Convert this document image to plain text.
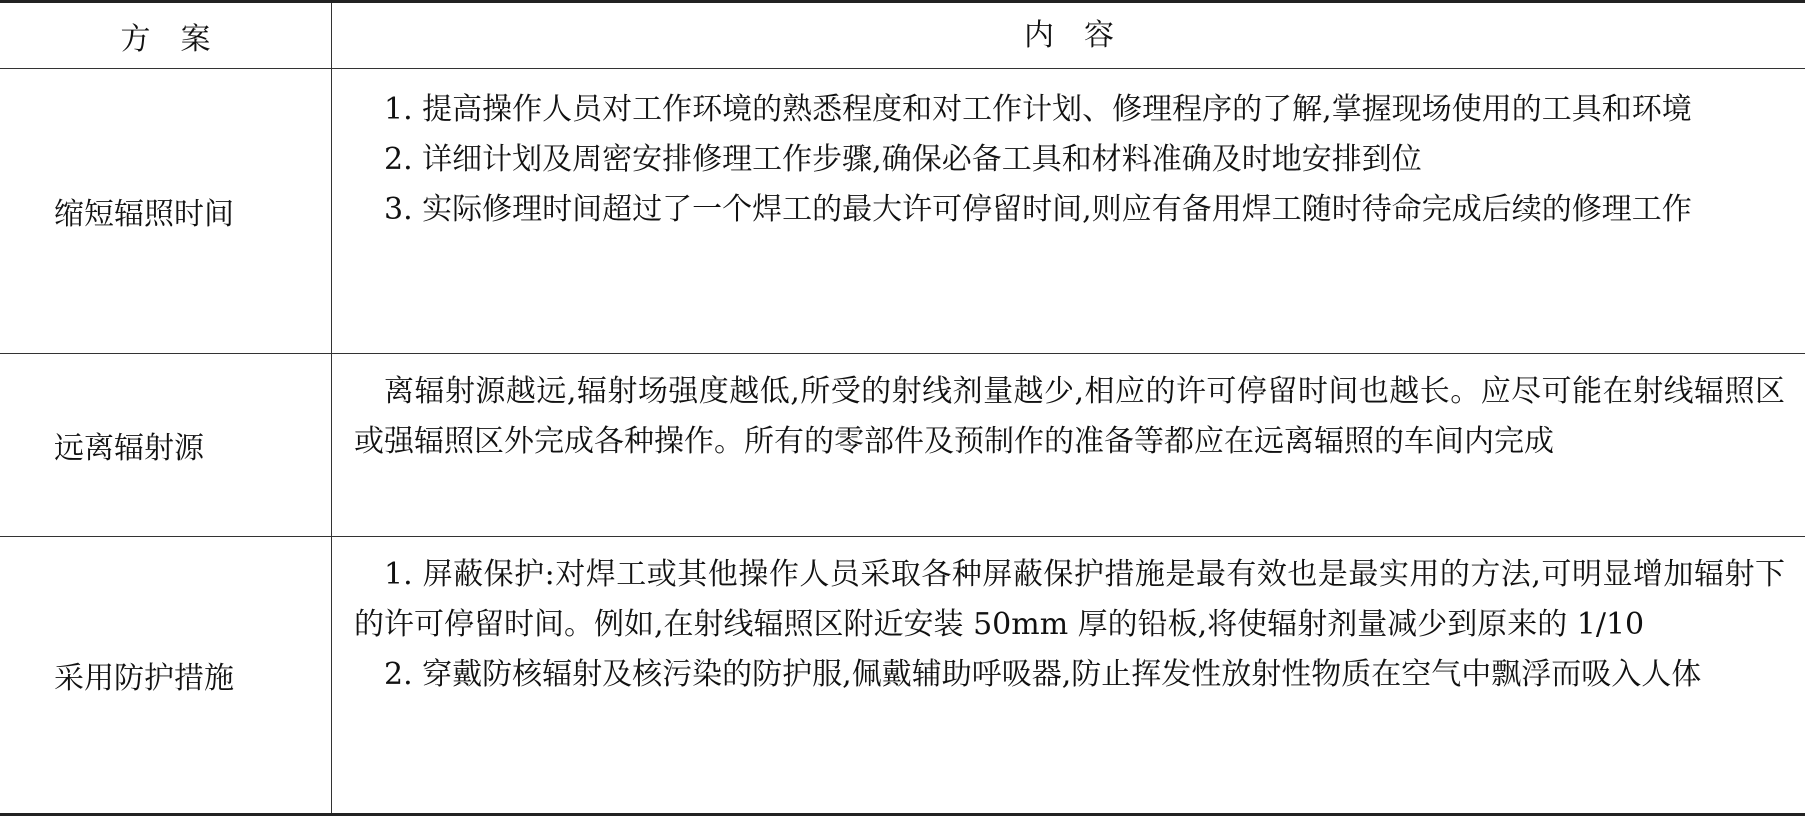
方　案	内　容
缩短辐照时间

1. 提高操作人员对工作环境的熟悉程度和对工作计划、修理程序的了解,掌握现场使用的工具和环境

2. 详细计划及周密安排修理工作步骤,确保必备工具和材料准确及时地安排到位

3. 实际修理时间超过了一个焊工的最大许可停留时间,则应有备用焊工随时待命完成后续的修理工作

远离辐射源

离辐射源越远,辐射场强度越低,所受的射线剂量越少,相应的许可停留时间也越长。应尽可能在射线辐照区或强辐照区外完成各种操作。所有的零部件及预制作的准备等都应在远离辐照的车间内完成

采用防护措施

1. 屏蔽保护:对焊工或其他操作人员采取各种屏蔽保护措施是最有效也是最实用的方法,可明显增加辐射下的许可停留时间。例如,在射线辐照区附近安装 50mm 厚的铅板,将使辐射剂量减少到原来的 1/10

2. 穿戴防核辐射及核污染的防护服,佩戴辅助呼吸器,防止挥发性放射性物质在空气中飘浮而吸入人体
